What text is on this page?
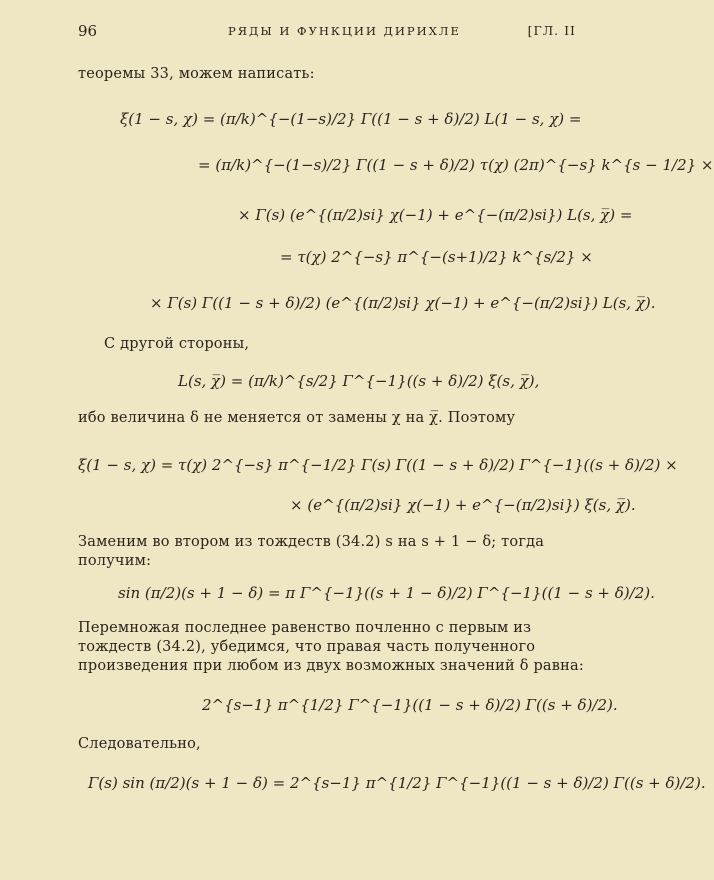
96	РЯДЫ И ФУНКЦИИ ДИРИХЛЕ	[ГЛ. II
теоремы 33, можем написать:
ξ(1 − s, χ) = (π/k)^{−(1−s)/2} Γ((1 − s + δ)/2) L(1 − s, χ) =
= (π/k)^{−(1−s)/2} Γ((1 − s + δ)/2) τ(χ) (2π)^{−s} k^{s − 1/2} ×
× Γ(s) (e^{(π/2)si} χ(−1) + e^{−(π/2)si}) L(s, χ̅) =
= τ(χ) 2^{−s} π^{−(s+1)/2} k^{s/2} ×
× Γ(s) Γ((1 − s + δ)/2) (e^{(π/2)si} χ(−1) + e^{−(π/2)si}) L(s, χ̅).
С другой стороны,
L(s, χ̅) = (π/k)^{s/2} Γ^{−1}((s + δ)/2) ξ(s, χ̅),
ибо величина δ не меняется от замены χ на χ̅. Поэтому
ξ(1 − s, χ) = τ(χ) 2^{−s} π^{−1/2} Γ(s) Γ((1 − s + δ)/2) Γ^{−1}((s + δ)/2) ×
× (e^{(π/2)si} χ(−1) + e^{−(π/2)si}) ξ(s, χ̅).
Заменим во втором из тождеств (34.2) s на s + 1 − δ; тогда
получим:
sin (π/2)(s + 1 − δ) = π Γ^{−1}((s + 1 − δ)/2) Γ^{−1}((1 − s + δ)/2).
Перемножая последнее равенство почленно с первым из
тождеств (34.2), убедимся, что правая часть полученного
произведения при любом из двух возможных значений δ равна:
2^{s−1} π^{1/2} Γ^{−1}((1 − s + δ)/2) Γ((s + δ)/2).
Следовательно,
Γ(s) sin (π/2)(s + 1 − δ) = 2^{s−1} π^{1/2} Γ^{−1}((1 − s + δ)/2) Γ((s + δ)/2).
